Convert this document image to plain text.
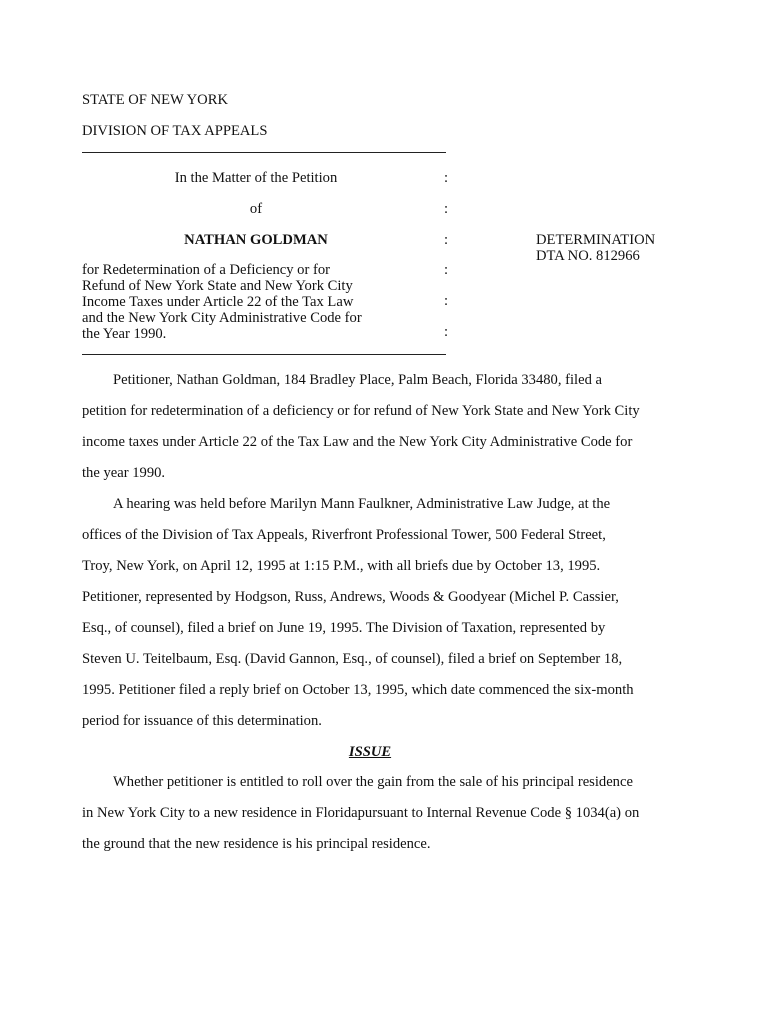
STATE OF NEW YORK
DIVISION OF TAX APPEALS
In the Matter of the Petition
of
NATHAN GOLDMAN
for Redetermination of a Deficiency or for
Refund of New York State and New York City
Income Taxes under Article 22 of the Tax Law
and the New York City Administrative Code for
the Year 1990.
:
:
:
:
:
:
DETERMINATION
DTA NO. 812966
Petitioner, Nathan Goldman, 184 Bradley Place, Palm Beach, Florida 33480, filed a
petition for redetermination of a deficiency or for refund of New York State and New York City
income taxes under Article 22 of the Tax Law and the New York City Administrative Code for
the year 1990.
A hearing was held before Marilyn Mann Faulkner, Administrative Law Judge, at the
offices of the Division of Tax Appeals, Riverfront Professional Tower, 500 Federal Street,
Troy, New York, on April 12, 1995 at 1:15 P.M., with all briefs due by October 13, 1995.
Petitioner, represented by Hodgson, Russ, Andrews, Woods & Goodyear (Michel P. Cassier,
Esq., of counsel), filed a brief on June 19, 1995. The Division of Taxation, represented by
Steven U. Teitelbaum, Esq. (David Gannon, Esq., of counsel), filed a brief on September 18,
1995. Petitioner filed a reply brief on October 13, 1995, which date commenced the six-month
period for issuance of this determination.
ISSUE
Whether petitioner is entitled to roll over the gain from the sale of his principal residence
in New York City to a new residence in Floridapursuant to Internal Revenue Code § 1034(a) on
the ground that the new residence is his principal residence.
